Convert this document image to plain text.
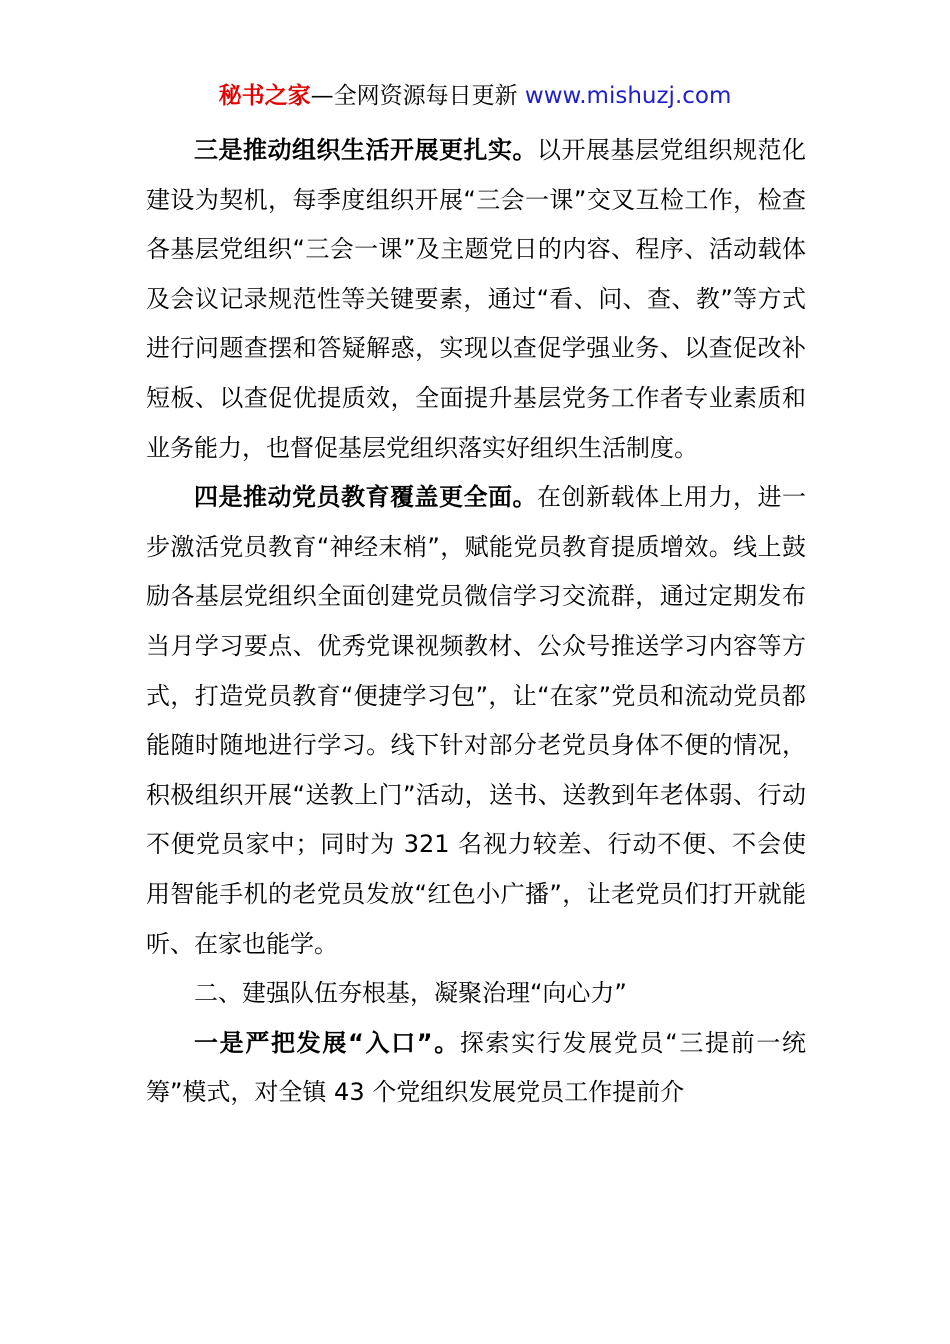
秘书之家—全网资源每日更新 www.mishuzj.com

三是推动组织生活开展更扎实。以开展基层党组织规范化建设为契机，每季度组织开展“三会一课”交叉互检工作，检查各基层党组织“三会一课”及主题党日的内容、程序、活动载体及会议记录规范性等关键要素，通过“看、问、查、教”等方式进行问题查摆和答疑解惑，实现以查促学强业务、以查促改补短板、以查促优提质效，全面提升基层党务工作者专业素质和业务能力，也督促基层党组织落实好组织生活制度。

四是推动党员教育覆盖更全面。在创新载体上用力，进一步激活党员教育“神经末梢”，赋能党员教育提质增效。线上鼓励各基层党组织全面创建党员微信学习交流群，通过定期发布当月学习要点、优秀党课视频教材、公众号推送学习内容等方式，打造党员教育“便捷学习包”，让“在家”党员和流动党员都能随时随地进行学习。线下针对部分老党员身体不便的情况，积极组织开展“送教上门”活动，送书、送教到年老体弱、行动不便党员家中；同时为 321 名视力较差、行动不便、不会使用智能手机的老党员发放“红色小广播”，让老党员们打开就能听、在家也能学。

二、建强队伍夯根基，凝聚治理“向心力”

一是严把发展“入口”。探索实行发展党员“三提前一统筹”模式，对全镇 43 个党组织发展党员工作提前介
